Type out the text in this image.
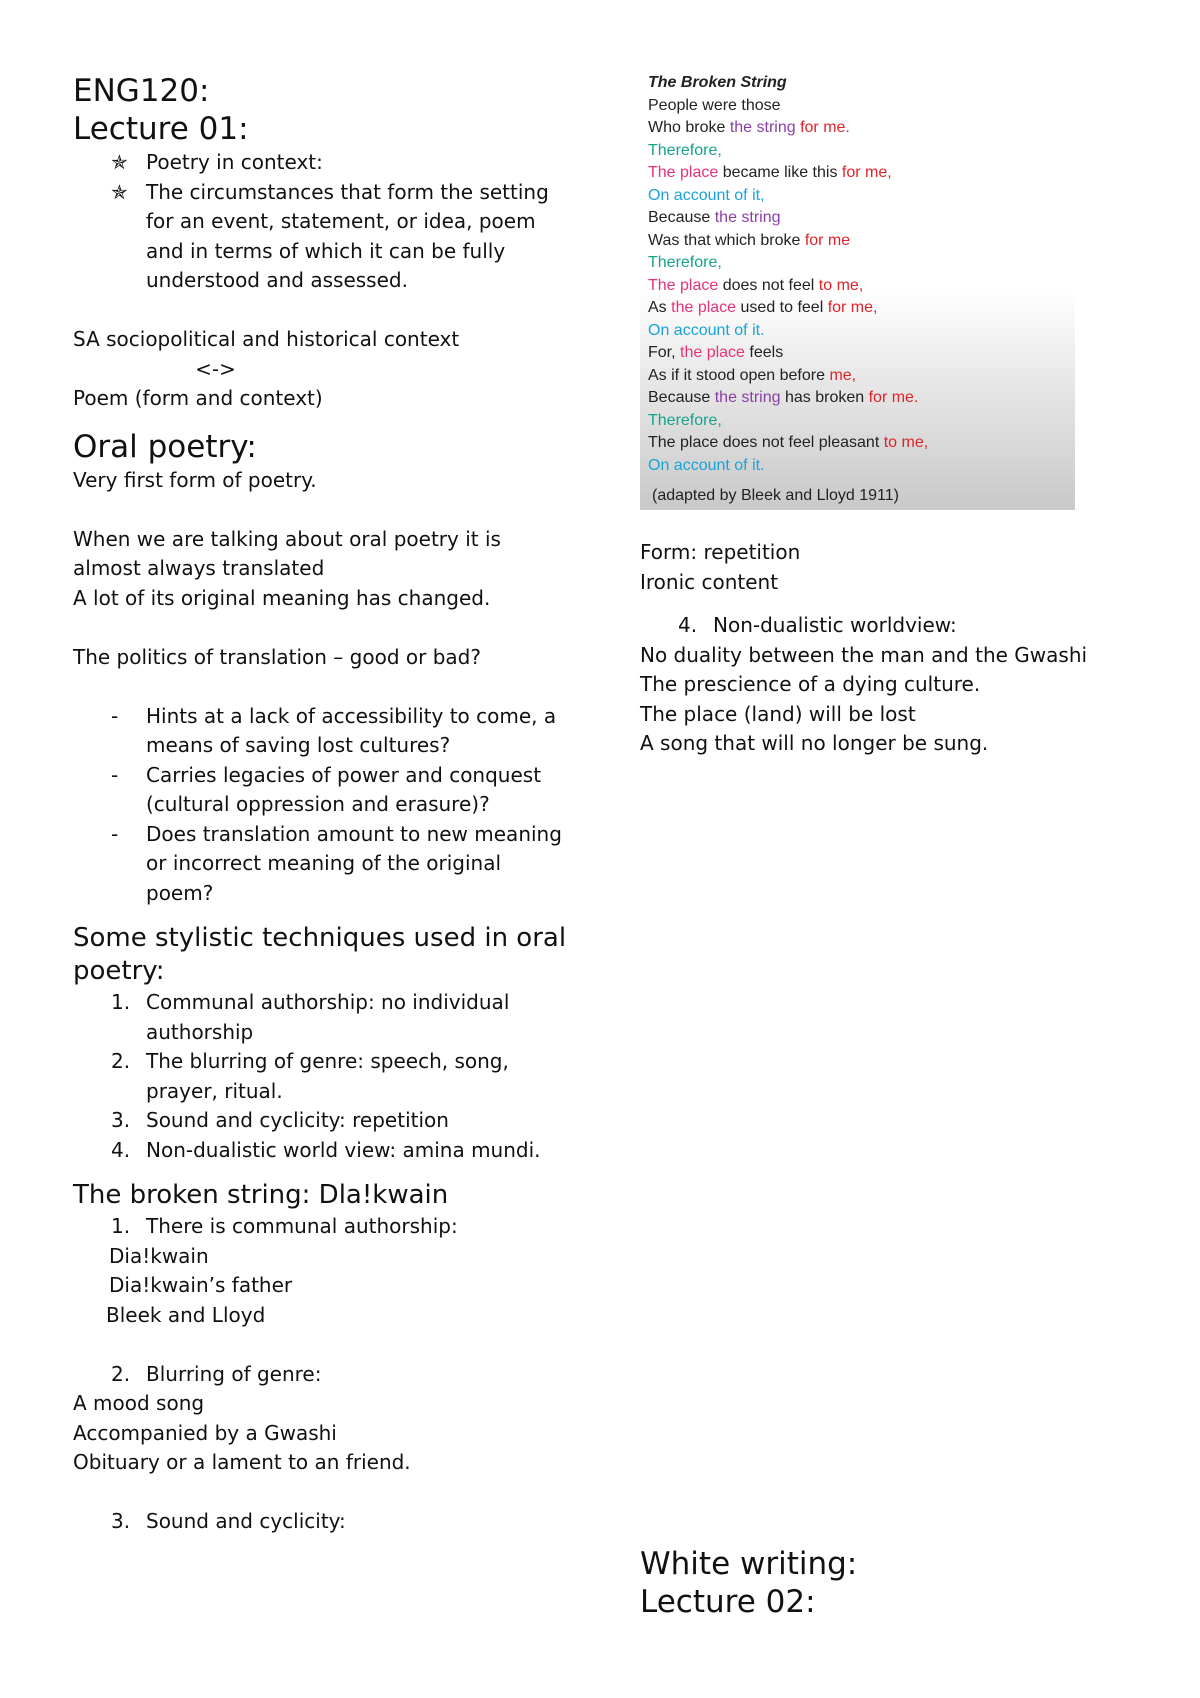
ENG120:
Lecture 01:
✯ Poetry in context:
✯ The circumstances that form the setting for an event, statement, or idea, poem and in terms of which it can be fully understood and assessed.

SA sociopolitical and historical context

<->

Poem (form and context)

Oral poetry:

Very first form of poetry.

When we are talking about oral poetry it is almost always translated

A lot of its original meaning has changed.

The politics of translation – good or bad?

-	Hints at a lack of accessibility to come, a means of saving lost cultures?
-	Carries legacies of power and conquest (cultural oppression and erasure)?
-	Does translation amount to new meaning or incorrect meaning of the original poem?
Some stylistic techniques used in oral poetry:
1. Communal authorship: no individual authorship
2. The blurring of genre: speech, song, prayer, ritual.
3. Sound and cyclicity: repetition
4. Non-dualistic world view: amina mundi.
The broken string: Dla!kwain
1. There is communal authorship:

Dia!kwain

Dia!kwain’s father

Bleek and Lloyd

2. Blurring of genre:

A mood song

Accompanied by a Gwashi

Obituary or a lament to an friend.

3. Sound and cyclicity:
The Broken String
People were those
Who broke the string for me.
Therefore,
The place became like this for me,
On account of it,
Because the string
Was that which broke for me
Therefore,
The place does not feel to me,
As the place used to feel for me,
On account of it.
For, the place feels
As if it stood open before me,
Because the string has broken for me.
Therefore,
The place does not feel pleasant to me,
On account of it.
(adapted by Bleek and Lloyd 1911)

Form: repetition

Ironic content

4. Non-dualistic worldview:

No duality between the man and the Gwashi

The prescience of a dying culture.

The place (land) will be lost

A song that will no longer be sung.

White writing:
Lecture 02:
